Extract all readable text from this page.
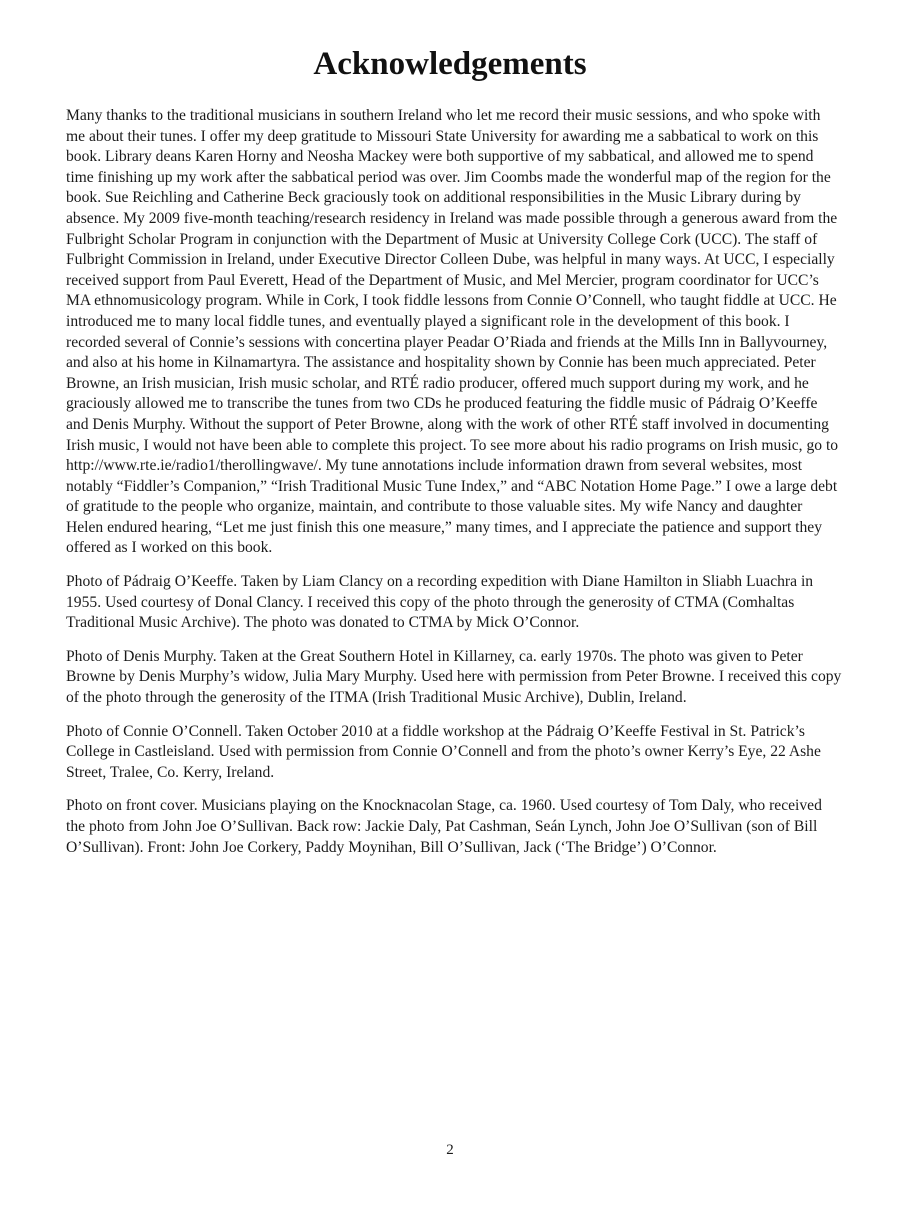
Acknowledgements

Many thanks to the traditional musicians in southern Ireland who let me record their music sessions, and who spoke with me about their tunes. I offer my deep gratitude to Missouri State University for awarding me a sabbatical to work on this book. Library deans Karen Horny and Neosha Mackey were both supportive of my sabbatical, and allowed me to spend time finishing up my work after the sabbatical period was over. Jim Coombs made the wonderful map of the region for the book. Sue Reichling and Catherine Beck graciously took on additional responsibilities in the Music Library during by absence. My 2009 five-month teaching/research residency in Ireland was made possible through a generous award from the Fulbright Scholar Program in conjunction with the Department of Music at University College Cork (UCC). The staff of Fulbright Commission in Ireland, under Executive Director Colleen Dube, was helpful in many ways. At UCC, I especially received support from Paul Everett, Head of the Department of Music, and Mel Mercier, program coordinator for UCC’s MA ethnomusicology program. While in Cork, I took fiddle lessons from Connie O’Connell, who taught fiddle at UCC. He introduced me to many local fiddle tunes, and eventually played a significant role in the development of this book. I recorded several of Connie’s sessions with concertina player Peadar O’Riada and friends at the Mills Inn in Ballyvourney, and also at his home in Kilnamartyra. The assistance and hospitality shown by Connie has been much appreciated. Peter Browne, an Irish musician, Irish music scholar, and RTÉ radio producer, offered much support during my work, and he graciously allowed me to transcribe the tunes from two CDs he produced featuring the fiddle music of Pádraig O’Keeffe and Denis Murphy. Without the support of Peter Browne, along with the work of other RTÉ staff involved in documenting Irish music, I would not have been able to complete this project. To see more about his radio programs on Irish music, go to http://www.rte.ie/radio1/therollingwave/. My tune annotations include information drawn from several websites, most notably “Fiddler’s Companion,” “Irish Traditional Music Tune Index,” and “ABC Notation Home Page.” I owe a large debt of gratitude to the people who organize, maintain, and contribute to those valuable sites. My wife Nancy and daughter Helen endured hearing, “Let me just finish this one measure,” many times, and I appreciate the patience and support they offered as I worked on this book.

Photo of Pádraig O’Keeffe. Taken by Liam Clancy on a recording expedition with Diane Hamilton in Sliabh Luachra in 1955. Used courtesy of Donal Clancy. I received this copy of the photo through the generosity of CTMA (Comhaltas Traditional Music Archive). The photo was donated to CTMA by Mick O’Connor.

Photo of Denis Murphy. Taken at the Great Southern Hotel in Killarney, ca. early 1970s. The photo was given to Peter Browne by Denis Murphy’s widow, Julia Mary Murphy. Used here with permission from Peter Browne. I received this copy of the photo through the generosity of the ITMA (Irish Traditional Music Archive), Dublin, Ireland.

Photo of Connie O’Connell. Taken October 2010 at a fiddle workshop at the Pádraig O’Keeffe Festival in St. Patrick’s College in Castleisland. Used with permission from Connie O’Connell and from the photo’s owner Kerry’s Eye, 22 Ashe Street, Tralee, Co. Kerry, Ireland.

Photo on front cover. Musicians playing on the Knocknacolan Stage, ca. 1960. Used courtesy of Tom Daly, who received the photo from John Joe O’Sullivan. Back row: Jackie Daly, Pat Cashman, Seán Lynch, John Joe O’Sullivan (son of Bill O’Sullivan). Front: John Joe Corkery, Paddy Moynihan, Bill O’Sullivan, Jack (‘The Bridge’) O’Connor.

2
